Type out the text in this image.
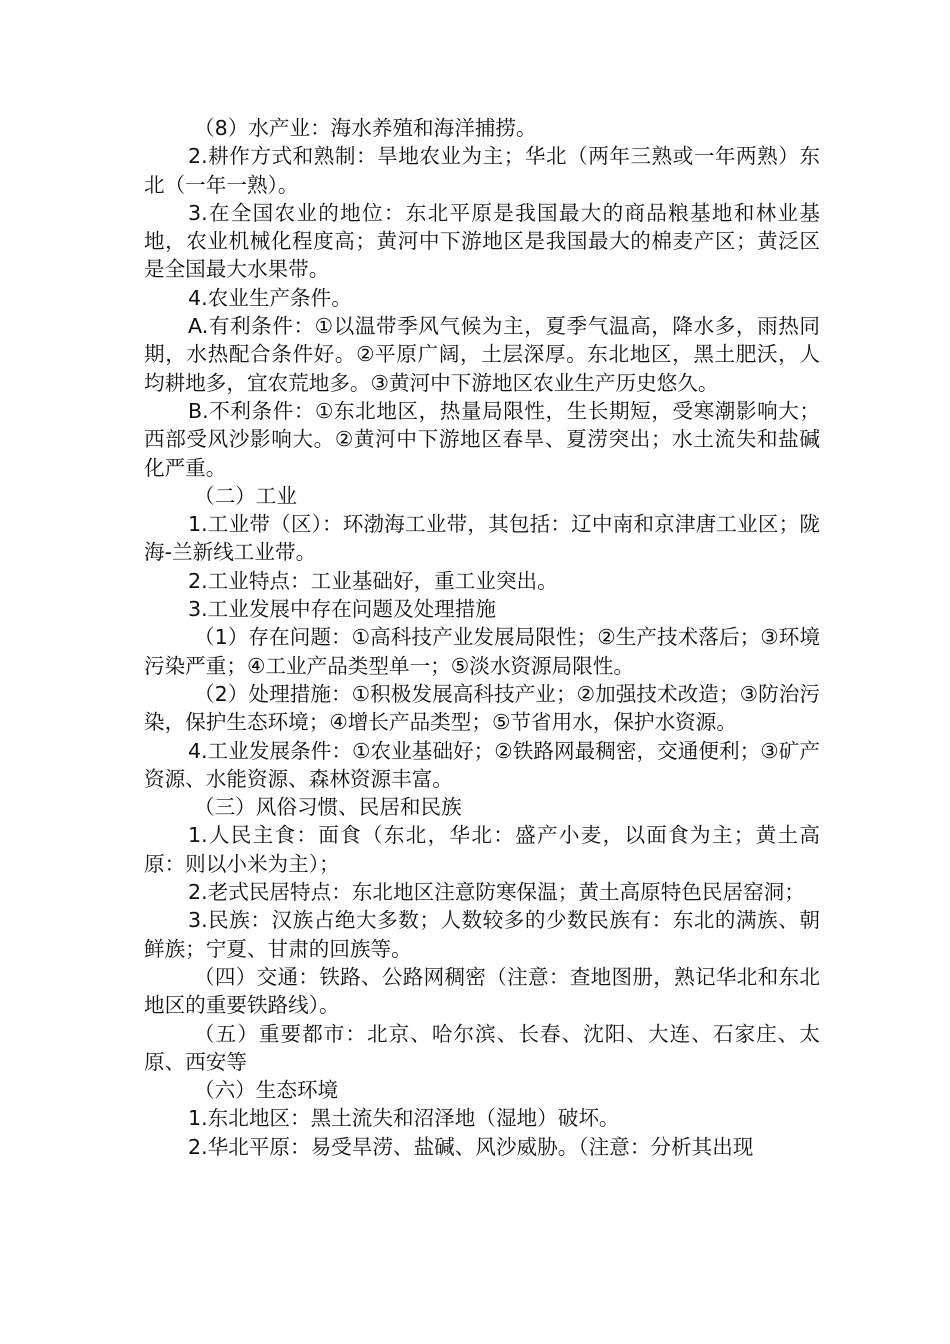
（8）水产业：海水养殖和海洋捕捞。

2.耕作方式和熟制：旱地农业为主；华北（两年三熟或一年两熟）东北（一年一熟）。

3.在全国农业的地位：东北平原是我国最大的商品粮基地和林业基地，农业机械化程度高；黄河中下游地区是我国最大的棉麦产区；黄泛区是全国最大水果带。

4.农业生产条件。

A.有利条件：①以温带季风气候为主，夏季气温高，降水多，雨热同期，水热配合条件好。②平原广阔，土层深厚。东北地区，黑土肥沃，人均耕地多，宜农荒地多。③黄河中下游地区农业生产历史悠久。

B.不利条件：①东北地区，热量局限性，生长期短，受寒潮影响大；西部受风沙影响大。②黄河中下游地区春旱、夏涝突出；水土流失和盐碱化严重。

（二）工业

1.工业带（区）：环渤海工业带，其包括：辽中南和京津唐工业区；陇海-兰新线工业带。

2.工业特点：工业基础好，重工业突出。

3.工业发展中存在问题及处理措施

（1）存在问题：①高科技产业发展局限性；②生产技术落后；③环境污染严重；④工业产品类型单一；⑤淡水资源局限性。

（2）处理措施：①积极发展高科技产业；②加强技术改造；③防治污染，保护生态环境；④增长产品类型；⑤节省用水，保护水资源。

4.工业发展条件：①农业基础好；②铁路网最稠密，交通便利；③矿产资源、水能资源、森林资源丰富。

（三）风俗习惯、民居和民族

1.人民主食：面食（东北，华北：盛产小麦，以面食为主；黄土高原：则以小米为主）；

2.老式民居特点：东北地区注意防寒保温；黄土高原特色民居窑洞；

3.民族：汉族占绝大多数；人数较多的少数民族有：东北的满族、朝鲜族；宁夏、甘肃的回族等。

（四）交通：铁路、公路网稠密（注意：查地图册，熟记华北和东北地区的重要铁路线）。

（五）重要都市：北京、哈尔滨、长春、沈阳、大连、石家庄、太原、西安等

（六）生态环境

1.东北地区：黑土流失和沼泽地（湿地）破坏。

2.华北平原：易受旱涝、盐碱、风沙威胁。（注意：分析其出现
